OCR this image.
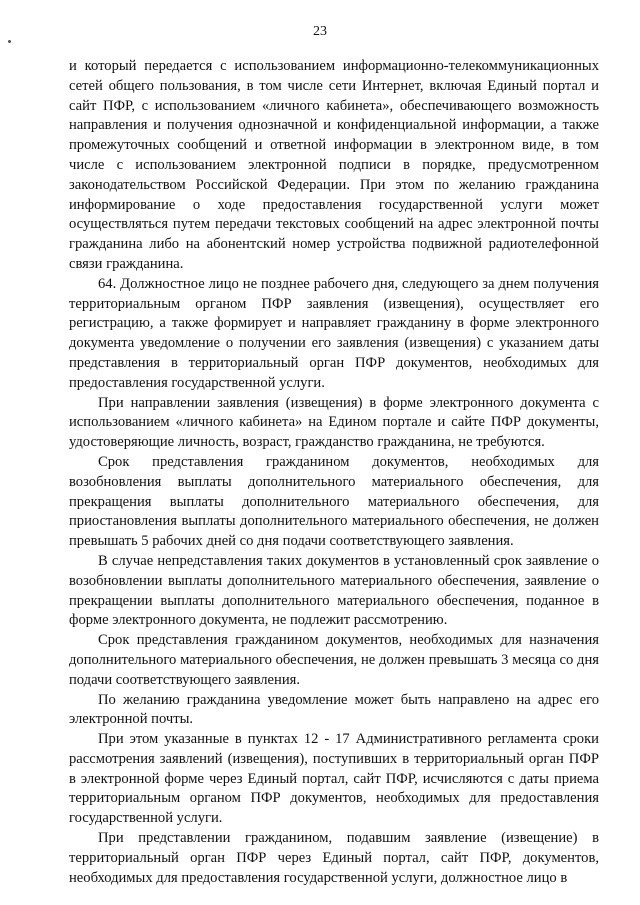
23

и который передается с использованием информационно-телекоммуникационных сетей общего пользования, в том числе сети Интернет, включая Единый портал и сайт ПФР, с использованием «личного кабинета», обеспечивающего возможность направления и получения однозначной и конфиденциальной информации, а также промежуточных сообщений и ответной информации в электронном виде, в том числе с использованием электронной подписи в порядке, предусмотренном законодательством Российской Федерации. При этом по желанию гражданина информирование о ходе предоставления государственной услуги может осуществляться путем передачи текстовых сообщений на адрес электронной почты гражданина либо на абонентский номер устройства подвижной радиотелефонной связи гражданина.

64. Должностное лицо не позднее рабочего дня, следующего за днем получения территориальным органом ПФР заявления (извещения), осуществляет его регистрацию, а также формирует и направляет гражданину в форме электронного документа уведомление о получении его заявления (извещения) с указанием даты представления в территориальный орган ПФР документов, необходимых для предоставления государственной услуги.

При направлении заявления (извещения) в форме электронного документа с использованием «личного кабинета» на Едином портале и сайте ПФР документы, удостоверяющие личность, возраст, гражданство гражданина, не требуются.

Срок представления гражданином документов, необходимых для возобновления выплаты дополнительного материального обеспечения, для прекращения выплаты дополнительного материального обеспечения, для приостановления выплаты дополнительного материального обеспечения, не должен превышать 5 рабочих дней со дня подачи соответствующего заявления.

В случае непредставления таких документов в установленный срок заявление о возобновлении выплаты дополнительного материального обеспечения, заявление о прекращении выплаты дополнительного материального обеспечения, поданное в форме электронного документа, не подлежит рассмотрению.

Срок представления гражданином документов, необходимых для назначения дополнительного материального обеспечения, не должен превышать 3 месяца со дня подачи соответствующего заявления.

По желанию гражданина уведомление может быть направлено на адрес его электронной почты.

При этом указанные в пунктах 12 - 17 Административного регламента сроки рассмотрения заявлений (извещения), поступивших в территориальный орган ПФР в электронной форме через Единый портал, сайт ПФР, исчисляются с даты приема территориальным органом ПФР документов, необходимых для предоставления государственной услуги.

При представлении гражданином, подавшим заявление (извещение) в территориальный орган ПФР через Единый портал, сайт ПФР, документов, необходимых для предоставления государственной услуги, должностное лицо в
